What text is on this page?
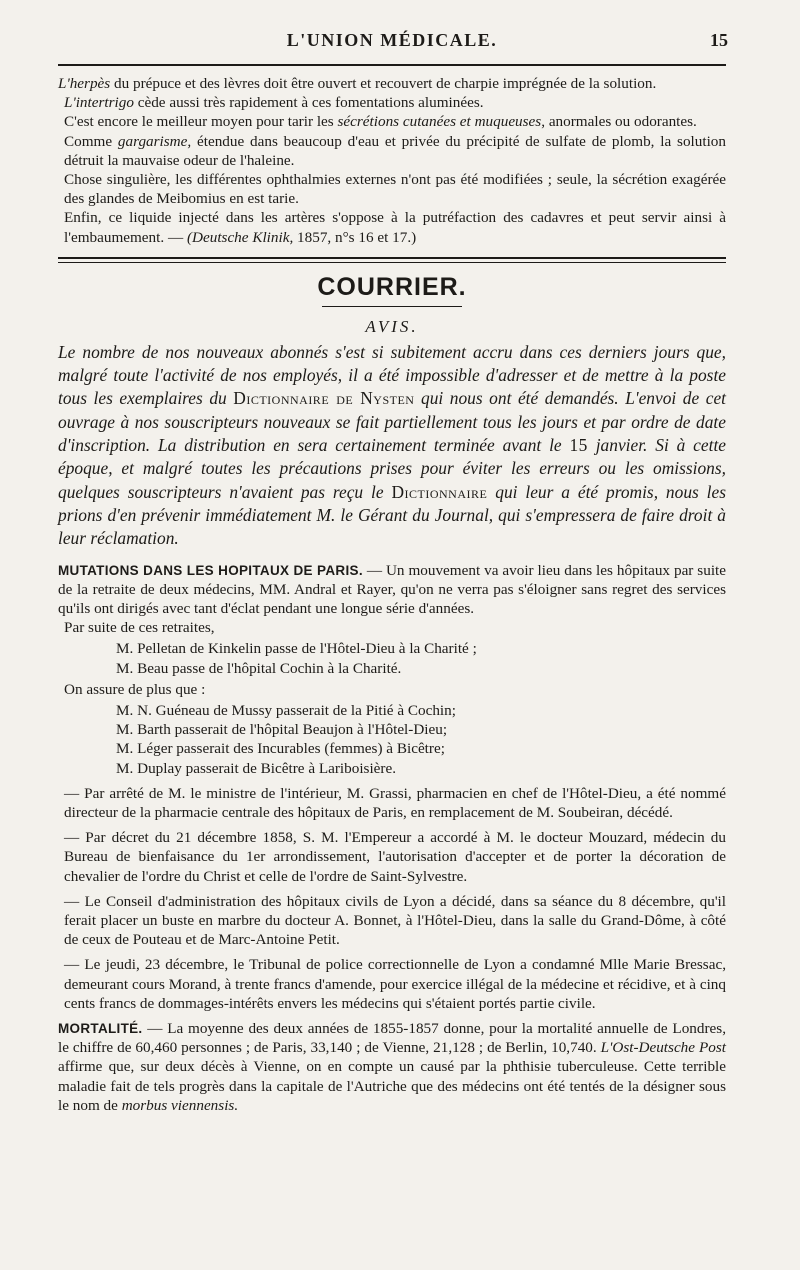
L'UNION MÉDICALE.	15

L'herpès du prépuce et des lèvres doit être ouvert et recouvert de charpie imprégnée de la solution.

L'intertrigo cède aussi très rapidement à ces fomentations aluminées.

C'est encore le meilleur moyen pour tarir les sécrétions cutanées et muqueuses, anormales ou odorantes.

Comme gargarisme, étendue dans beaucoup d'eau et privée du précipité de sulfate de plomb, la solution détruit la mauvaise odeur de l'haleine.

Chose singulière, les différentes ophthalmies externes n'ont pas été modifiées ; seule, la sécrétion exagérée des glandes de Meibomius en est tarie.

Enfin, ce liquide injecté dans les artères s'oppose à la putréfaction des cadavres et peut servir ainsi à l'embaumement. — (Deutsche Klinik, 1857, n°s 16 et 17.)

COURRIER.
AVIS.

Le nombre de nos nouveaux abonnés s'est si subitement accru dans ces derniers jours que, malgré toute l'activité de nos employés, il a été impossible d'adresser et de mettre à la poste tous les exemplaires du Dictionnaire de Nysten qui nous ont été demandés. L'envoi de cet ouvrage à nos souscripteurs nouveaux se fait partiellement tous les jours et par ordre de date d'inscription. La distribution en sera certainement terminée avant le 15 janvier. Si à cette époque, et malgré toutes les précautions prises pour éviter les erreurs ou les omissions, quelques souscripteurs n'avaient pas reçu le Dictionnaire qui leur a été promis, nous les prions d'en prévenir immédiatement M. le Gérant du Journal, qui s'empressera de faire droit à leur réclamation.

MUTATIONS DANS LES HOPITAUX DE PARIS. — Un mouvement va avoir lieu dans les hôpitaux par suite de la retraite de deux médecins, MM. Andral et Rayer, qu'on ne verra pas s'éloigner sans regret des services qu'ils ont dirigés avec tant d'éclat pendant une longue série d'années.

Par suite de ces retraites,

M. Pelletan de Kinkelin passe de l'Hôtel-Dieu à la Charité ;
M. Beau passe de l'hôpital Cochin à la Charité.

On assure de plus que :

M. N. Guéneau de Mussy passerait de la Pitié à Cochin;
M. Barth passerait de l'hôpital Beaujon à l'Hôtel-Dieu;
M. Léger passerait des Incurables (femmes) à Bicêtre;
M. Duplay passerait de Bicêtre à Lariboisière.

— Par arrêté de M. le ministre de l'intérieur, M. Grassi, pharmacien en chef de l'Hôtel-Dieu, a été nommé directeur de la pharmacie centrale des hôpitaux de Paris, en remplacement de M. Soubeiran, décédé.

— Par décret du 21 décembre 1858, S. M. l'Empereur a accordé à M. le docteur Mouzard, médecin du Bureau de bienfaisance du 1er arrondissement, l'autorisation d'accepter et de porter la décoration de chevalier de l'ordre du Christ et celle de l'ordre de Saint-Sylvestre.

— Le Conseil d'administration des hôpitaux civils de Lyon a décidé, dans sa séance du 8 décembre, qu'il ferait placer un buste en marbre du docteur A. Bonnet, à l'Hôtel-Dieu, dans la salle du Grand-Dôme, à côté de ceux de Pouteau et de Marc-Antoine Petit.

— Le jeudi, 23 décembre, le Tribunal de police correctionnelle de Lyon a condamné Mlle Marie Bressac, demeurant cours Morand, à trente francs d'amende, pour exercice illégal de la médecine et récidive, et à cinq cents francs de dommages-intérêts envers les médecins qui s'étaient portés partie civile.

MORTALITÉ. — La moyenne des deux années de 1855-1857 donne, pour la mortalité annuelle de Londres, le chiffre de 60,460 personnes ; de Paris, 33,140 ; de Vienne, 21,128 ; de Berlin, 10,740. L'Ost-Deutsche Post affirme que, sur deux décès à Vienne, on en compte un causé par la phthisie tuberculeuse. Cette terrible maladie fait de tels progrès dans la capitale de l'Autriche que des médecins ont été tentés de la désigner sous le nom de morbus viennensis.
